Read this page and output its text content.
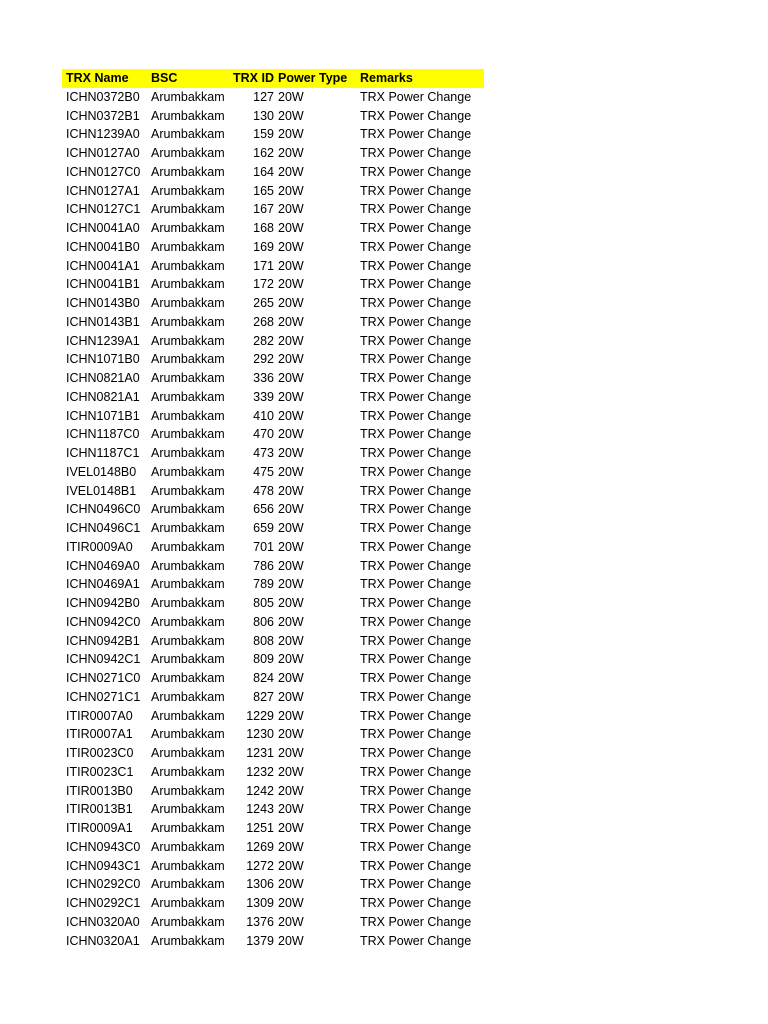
TRX Name	BSC	TRX ID Power Type	Remarks
ICHN0372B0 Arumbakkam	127 20W	TRX Power Change
ICHN0372B1 Arumbakkam	130 20W	TRX Power Change
ICHN1239A0 Arumbakkam	159 20W	TRX Power Change
ICHN0127A0 Arumbakkam	162 20W	TRX Power Change
ICHN0127C0 Arumbakkam	164 20W	TRX Power Change
ICHN0127A1 Arumbakkam	165 20W	TRX Power Change
ICHN0127C1 Arumbakkam	167 20W	TRX Power Change
ICHN0041A0 Arumbakkam	168 20W	TRX Power Change
ICHN0041B0 Arumbakkam	169 20W	TRX Power Change
ICHN0041A1 Arumbakkam	171 20W	TRX Power Change
ICHN0041B1 Arumbakkam	172 20W	TRX Power Change
ICHN0143B0 Arumbakkam	265 20W	TRX Power Change
ICHN0143B1 Arumbakkam	268 20W	TRX Power Change
ICHN1239A1 Arumbakkam	282 20W	TRX Power Change
ICHN1071B0 Arumbakkam	292 20W	TRX Power Change
ICHN0821A0 Arumbakkam	336 20W	TRX Power Change
ICHN0821A1 Arumbakkam	339 20W	TRX Power Change
ICHN1071B1 Arumbakkam	410 20W	TRX Power Change
ICHN1187C0 Arumbakkam	470 20W	TRX Power Change
ICHN1187C1 Arumbakkam	473 20W	TRX Power Change
IVEL0148B0	Arumbakkam	475 20W	TRX Power Change
IVEL0148B1	Arumbakkam	478 20W	TRX Power Change
ICHN0496C0 Arumbakkam	656 20W	TRX Power Change
ICHN0496C1 Arumbakkam	659 20W	TRX Power Change
ITIR0009A0	Arumbakkam	701 20W	TRX Power Change
ICHN0469A0 Arumbakkam	786 20W	TRX Power Change
ICHN0469A1 Arumbakkam	789 20W	TRX Power Change
ICHN0942B0 Arumbakkam	805 20W	TRX Power Change
ICHN0942C0 Arumbakkam	806 20W	TRX Power Change
ICHN0942B1 Arumbakkam	808 20W	TRX Power Change
ICHN0942C1 Arumbakkam	809 20W	TRX Power Change
ICHN0271C0 Arumbakkam	824 20W	TRX Power Change
ICHN0271C1 Arumbakkam	827 20W	TRX Power Change
ITIR0007A0	Arumbakkam	1229 20W	TRX Power Change
ITIR0007A1	Arumbakkam	1230 20W	TRX Power Change
ITIR0023C0	Arumbakkam	1231 20W	TRX Power Change
ITIR0023C1	Arumbakkam	1232 20W	TRX Power Change
ITIR0013B0	Arumbakkam	1242 20W	TRX Power Change
ITIR0013B1	Arumbakkam	1243 20W	TRX Power Change
ITIR0009A1	Arumbakkam	1251 20W	TRX Power Change
ICHN0943C0 Arumbakkam	1269 20W	TRX Power Change
ICHN0943C1 Arumbakkam	1272 20W	TRX Power Change
ICHN0292C0 Arumbakkam	1306 20W	TRX Power Change
ICHN0292C1 Arumbakkam	1309 20W	TRX Power Change
ICHN0320A0 Arumbakkam	1376 20W	TRX Power Change
ICHN0320A1 Arumbakkam	1379 20W	TRX Power Change
